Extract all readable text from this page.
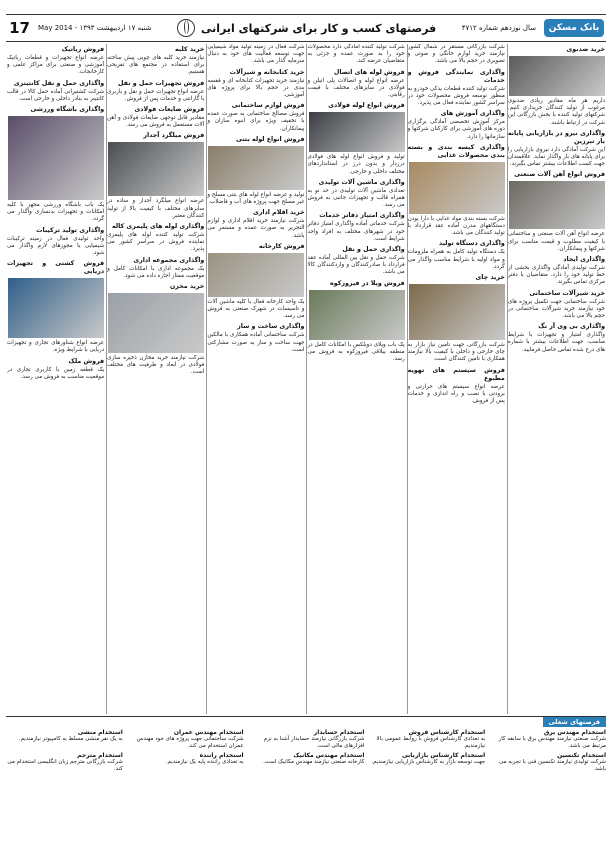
بانک مسکن
سال نوزدهم شماره ۴۷۱۲
فرصتهای کسب و کار برای شرکتهای ایرانی
شنبه ۱۷ اردیبهشت ۱۳۹۳ - May 2014
17
خرید ضدبوی
داریم هر ماه مقادیر زیادی ضدبوی مرغوب از تولید کنندگان خریداری کنیم. شرکتهای تولید کننده با بخش بازرگانی این شرکت در ارتباط باشند.
واگذاری نیرو در بازاریابی پایانه بار تبرزین
این شرکت آمادگی دارد نیروی بازاریابی را برای پایانه های بار واگذار نماید. علاقمندان جهت کسب اطلاعات بیشتر تماس بگیرند.
فروش انواع آهن آلات صنعتی
عرضه انواع آهن آلات صنعتی و ساختمانی با کیفیت مطلوب و قیمت مناسب برای شرکتها و پیمانکاران.
واگذاری ایجاد
شرکت تولیدی آمادگی واگذاری بخشی از خط تولید خود را دارد. متقاضیان با دفتر مرکزی تماس بگیرند.
خرید شیرآلات ساختمانی
شرکت ساختمانی جهت تکمیل پروژه های خود نیازمند خرید شیرآلات ساختمانی در حجم بالا می باشد.
واگذاری بی وی آر نگ
واگذاری امتیاز و تجهیزات با شرایط مناسب. جهت اطلاعات بیشتر با شماره های درج شده تماس حاصل فرمایید.
شرکت بازرگانی مستقر در شمال کشور نیازمند خرید لوازم خانگی و صوتی و تصویری در حجم بالا می باشد.
واگذاری نمایندگی فروش و خدمات
شرکت تولید کننده قطعات یدکی خودرو به منظور توسعه فروش محصولات خود در سراسر کشور نماینده فعال می پذیرد.
واگذاری آموزش های
مرکز آموزش تخصصی آمادگی برگزاری دوره های آموزشی برای کارکنان شرکتها و سازمانها را دارد.
واگذاری کیسه بندی و بسته بندی محصولات غذایی
شرکت بسته بندی مواد غذایی با دارا بودن دستگاههای مدرن آماده عقد قرارداد با تولید کنندگان می باشد.
واگذاری دستگاه تولید
یک دستگاه تولید کامل به همراه ملزومات و مواد اولیه با شرایط مناسب واگذار می گردد.
خرید چای
شرکت بازرگانی جهت تامین نیاز بازار به چای خارجی و داخلی با کیفیت بالا نیازمند همکاری با تامین کنندگان است.
فروش سیستم های تهویه مطبوع
عرضه انواع سیستم های حرارتی و برودتی با نصب و راه اندازی و خدمات پس از فروش.
شرکت تولید کننده آمادگی دارد محصولات خود را به صورت عمده و جزئی به متقاضیان عرضه کند.
فروش لوله های اتصال
عرضه انواع لوله و اتصالات پلی اتیلن و فولادی در سایزهای مختلف با قیمت رقابتی.
فروش انواع لوله فولادی
تولید و فروش انواع لوله های فولادی درزدار و بدون درز در استانداردهای مختلف داخلی و خارجی.
واگذاری ماشین آلات تولیدی
تعدادی ماشین آلات تولیدی در حد نو به همراه قالب و تجهیزات جانبی به فروش می رسد.
واگذاری امتیاز دفاتر خدمات
شرکت خدماتی آماده واگذاری امتیاز دفاتر خود در شهرهای مختلف به افراد واجد شرایط است.
واگذاری حمل و نقل
شرکت حمل و نقل بین المللی آماده عقد قرارداد با صادرکنندگان و واردکنندگان کالا می باشد.
فروش ویلا در فیروزکوه
یک باب ویلای دوبلکس با امکانات کامل در منطقه ییلاقی فیروزکوه به فروش می رسد.
شرکت فعال در زمینه تولید مواد شیمیایی جهت توسعه فعالیت های خود به دنبال سرمایه گذار می باشد.
خرید کتابخانه و شیرآلات
نیازمند خرید تجهیزات کتابخانه ای و قفسه بندی در حجم بالا برای پروژه های آموزشی.
فروش لوازم ساختمانی
فروش مصالح ساختمانی به صورت عمده با تخفیف ویژه برای انبوه سازان و پیمانکاران.
فروش انواع لوله بتنی
تولید و عرضه انواع لوله های بتنی مسلح و غیر مسلح جهت پروژه های آب و فاضلاب.
خرید اقلام اداری
شرکت نیازمند خرید اقلام اداری و لوازم التحریر به صورت عمده و مستمر می باشد.
فروش کارخانه
یک واحد کارخانه فعال با کلیه ماشین آلات و تاسیسات در شهرک صنعتی به فروش می رسد.
واگذاری ساخت و ساز
شرکت ساختمانی آماده همکاری با مالکین جهت ساخت و ساز به صورت مشارکتی است.
خرید کلبه
نیازمند خرید کلبه های چوبی پیش ساخته برای استفاده در مجتمع های تفریحی هستیم.
فروش تجهیزات حمل و نقل
عرضه انواع تجهیزات حمل و نقل و باربری با گارانتی و خدمات پس از فروش.
فروش ضایعات فولادی
مقادیر قابل توجهی ضایعات فولادی و آهن آلات مستعمل به فروش می رسد.
فروش میلگرد آجدار
عرضه انواع میلگرد آجدار و ساده در سایزهای مختلف با کیفیت بالا از تولید کنندگان معتبر.
واگذاری لوله های پلیمری کاله
شرکت تولید کننده لوله های پلیمری نماینده فروش در سراسر کشور می پذیرد.
واگذاری مجموعه اداری
یک مجموعه اداری با امکانات کامل و موقعیت ممتاز اجاره داده می شود.
خرید مخزن
شرکت نیازمند خرید مخازن ذخیره سازی فولادی در ابعاد و ظرفیت های مختلف است.
فروش رباتیک
عرضه انواع تجهیزات و قطعات رباتیک آموزشی و صنعتی برای مراکز علمی و کارخانجات.
واگذاری حمل و نقل کانتینری
شرکت کشتیرانی آماده حمل کالا در قالب کانتینر به بنادر داخلی و خارجی است.
واگذاری باشگاه ورزشی
یک باب باشگاه ورزشی مجهز با کلیه امکانات و تجهیزات بدنسازی واگذار می گردد.
واگذاری تولید ترکیبات
واحد تولیدی فعال در زمینه ترکیبات شیمیایی با مجوزهای لازم واگذار می شود.
فروش کشتی و تجهیزات دریایی
عرضه انواع شناورهای تجاری و تجهیزات دریایی با شرایط ویژه.
فروش ملک
یک قطعه زمین با کاربری تجاری در موقعیت مناسب به فروش می رسد.
فرصتهای شغلی
استخدام مهندس برق
شرکت صنعتی نیازمند مهندس برق با سابقه کار مرتبط می باشد.
استخدام کارشناس فروش
به تعدادی کارشناس فروش با روابط عمومی بالا نیازمندیم.
استخدام حسابدار
شرکت بازرگانی نیازمند حسابدار آشنا به نرم افزارهای مالی است.
استخدام مهندس عمران
شرکت ساختمانی جهت پروژه های خود مهندس عمران استخدام می کند.
استخدام منشی
به یک نفر منشی مسلط به کامپیوتر نیازمندیم.
استخدام تکنسین
شرکت تولیدی نیازمند تکنسین فنی با تجربه می باشد.
استخدام کارشناس بازاریابی
جهت توسعه بازار به کارشناس بازاریابی نیازمندیم.
استخدام مهندس مکانیک
کارخانه صنعتی نیازمند مهندس مکانیک است.
استخدام راننده
به تعدادی راننده پایه یک نیازمندیم.
استخدام مترجم
شرکت بازرگانی مترجم زبان انگلیسی استخدام می کند.
